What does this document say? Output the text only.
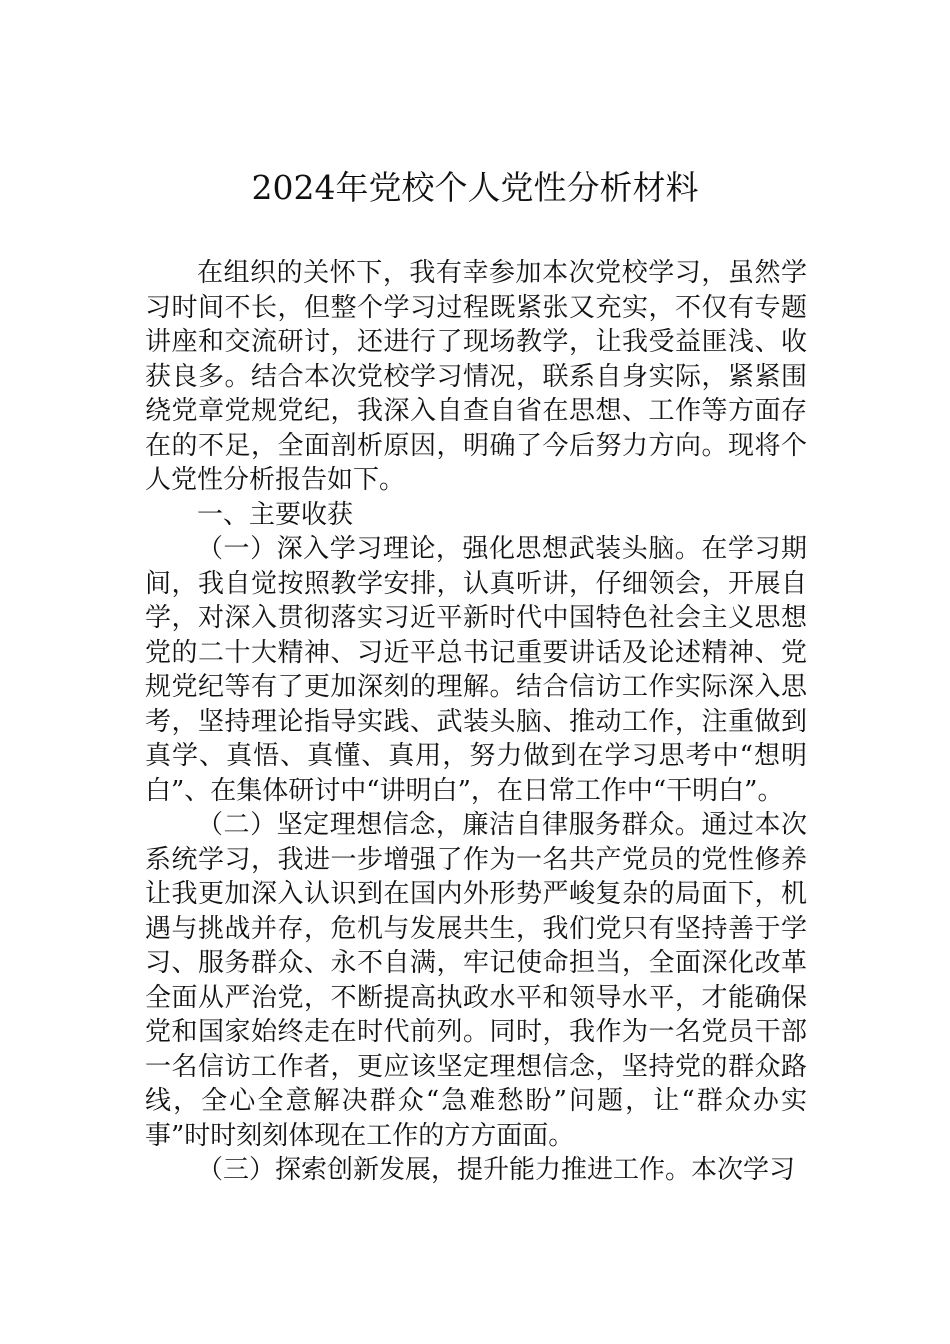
2024年党校个人党性分析材料

在组织的关怀下，我有幸参加本次党校学习，虽然学习时间不长，但整个学习过程既紧张又充实，不仅有专题讲座和交流研讨，还进行了现场教学，让我受益匪浅、收获良多。结合本次党校学习情况，联系自身实际，紧紧围绕党章党规党纪，我深入自查自省在思想、工作等方面存在的不足，全面剖析原因，明确了今后努力方向。现将个人党性分析报告如下。

一、主要收获

（一）深入学习理论，强化思想武装头脑。在学习期间，我自觉按照教学安排，认真听讲，仔细领会，开展自学，对深入贯彻落实习近平新时代中国特色社会主义思想党的二十大精神、习近平总书记重要讲话及论述精神、党规党纪等有了更加深刻的理解。结合信访工作实际深入思考，坚持理论指导实践、武装头脑、推动工作，注重做到真学、真悟、真懂、真用，努力做到在学习思考中“想明白”、在集体研讨中“讲明白”，在日常工作中“干明白”。

（二）坚定理想信念，廉洁自律服务群众。通过本次系统学习，我进一步增强了作为一名共产党员的党性修养让我更加深入认识到在国内外形势严峻复杂的局面下，机遇与挑战并存，危机与发展共生，我们党只有坚持善于学习、服务群众、永不自满，牢记使命担当，全面深化改革全面从严治党，不断提高执政水平和领导水平，才能确保党和国家始终走在时代前列。同时，我作为一名党员干部一名信访工作者，更应该坚定理想信念，坚持党的群众路线，全心全意解决群众“急难愁盼”问题，让“群众办实事”时时刻刻体现在工作的方方面面。

（三）探索创新发展，提升能力推进工作。本次学习
